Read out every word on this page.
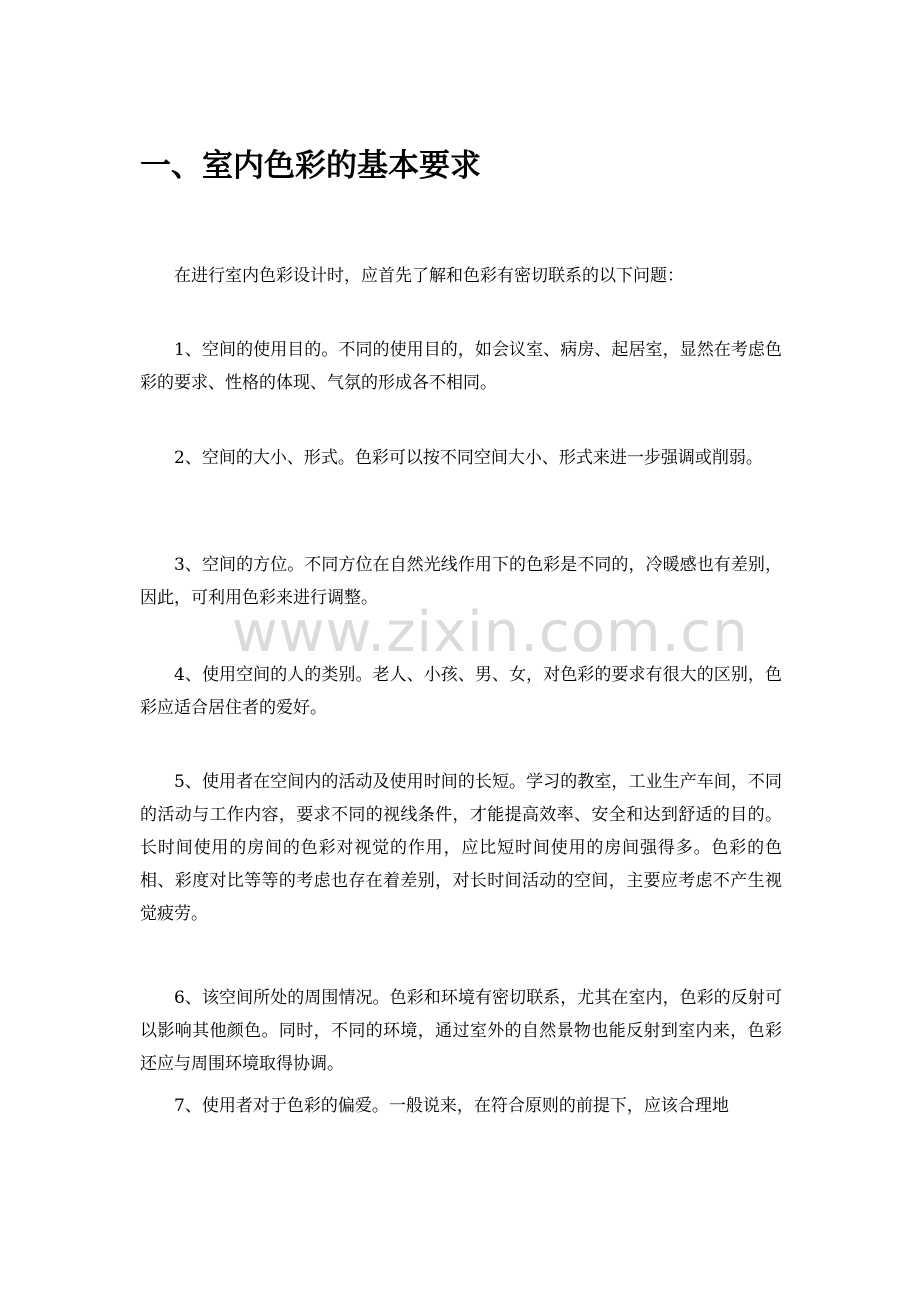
一、室内色彩的基本要求

在进行室内色彩设计时，应首先了解和色彩有密切联系的以下问题：

1、空间的使用目的。不同的使用目的，如会议室、病房、起居室，显然在考虑色彩的要求、性格的体现、气氛的形成各不相同。

2、空间的大小、形式。色彩可以按不同空间大小、形式来进一步强调或削弱。

3、空间的方位。不同方位在自然光线作用下的色彩是不同的，冷暖感也有差别，因此，可利用色彩来进行调整。

4、使用空间的人的类别。老人、小孩、男、女，对色彩的要求有很大的区别，色彩应适合居住者的爱好。

5、使用者在空间内的活动及使用时间的长短。学习的教室，工业生产车间，不同的活动与工作内容，要求不同的视线条件，才能提高效率、安全和达到舒适的目的。长时间使用的房间的色彩对视觉的作用，应比短时间使用的房间强得多。色彩的色相、彩度对比等等的考虑也存在着差别，对长时间活动的空间，主要应考虑不产生视觉疲劳。

6、该空间所处的周围情况。色彩和环境有密切联系，尤其在室内，色彩的反射可以影响其他颜色。同时，不同的环境，通过室外的自然景物也能反射到室内来，色彩还应与周围环境取得协调。

7、使用者对于色彩的偏爱。一般说来，在符合原则的前提下，应该合理地

www.zixin.com.cn
